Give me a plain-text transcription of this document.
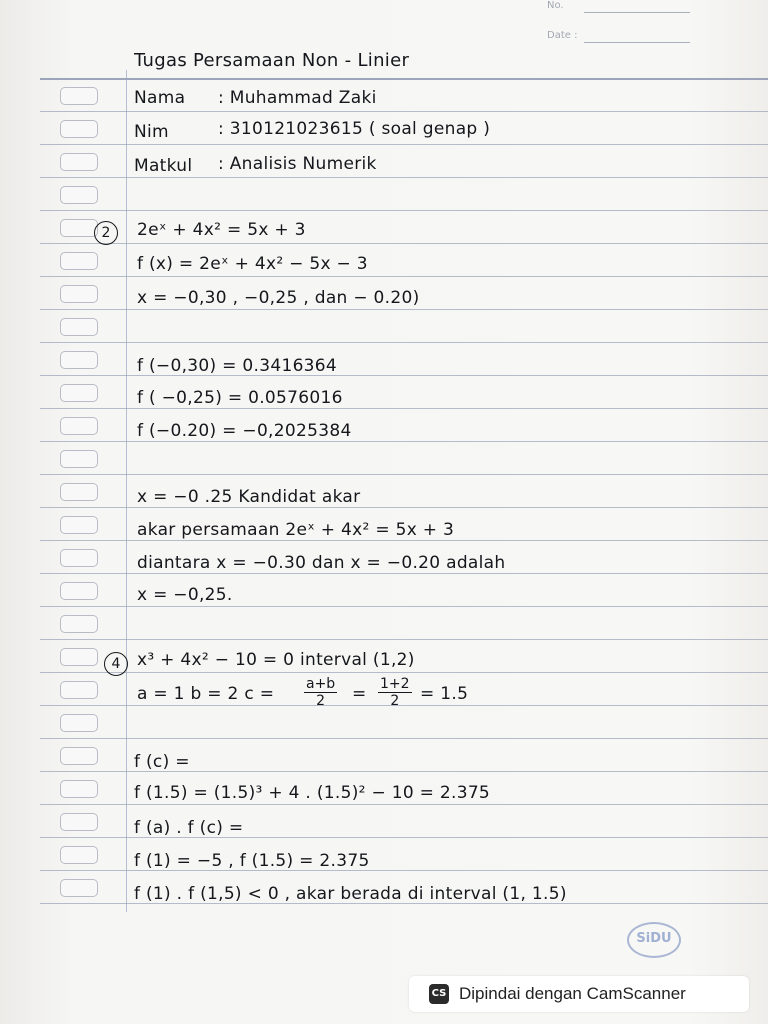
No.
Date :
Tugas Persamaan Non - Linier
Nama : Muhammad Zaki
Nim	: 310121023615 ( soal genap )
Matkul : Analisis Numerik
2	2eˣ + 4x² = 5x + 3
f (x) = 2eˣ + 4x² − 5x − 3
x = −0,30 , −0,25 , dan − 0.20)
f (−0,30) = 0.3416364
f ( −0,25) = 0.0576016
f (−0.20) = −0,2025384
x = −0 .25 Kandidat akar
akar persamaan 2eˣ + 4x² = 5x + 3
diantara x = −0.30 dan x = −0.20 adalah
x = −0,25.
4 x³ + 4x² − 10 = 0 interval (1,2)
a = 1 b = 2 $c = \frac{a+b}{2} = \frac{1+2}{2} = 1.5$
f (c) =
f (1.5) = (1.5)³ + 4 . (1.5)² − 10 = 2.375
f (a) . f (c) =
f (1) = −5 , f (1.5) = 2.375
f (1) . f (1,5) < 0 , akar berada di interval (1, 1.5)
SiDU
CS Dipindai dengan CamScanner
